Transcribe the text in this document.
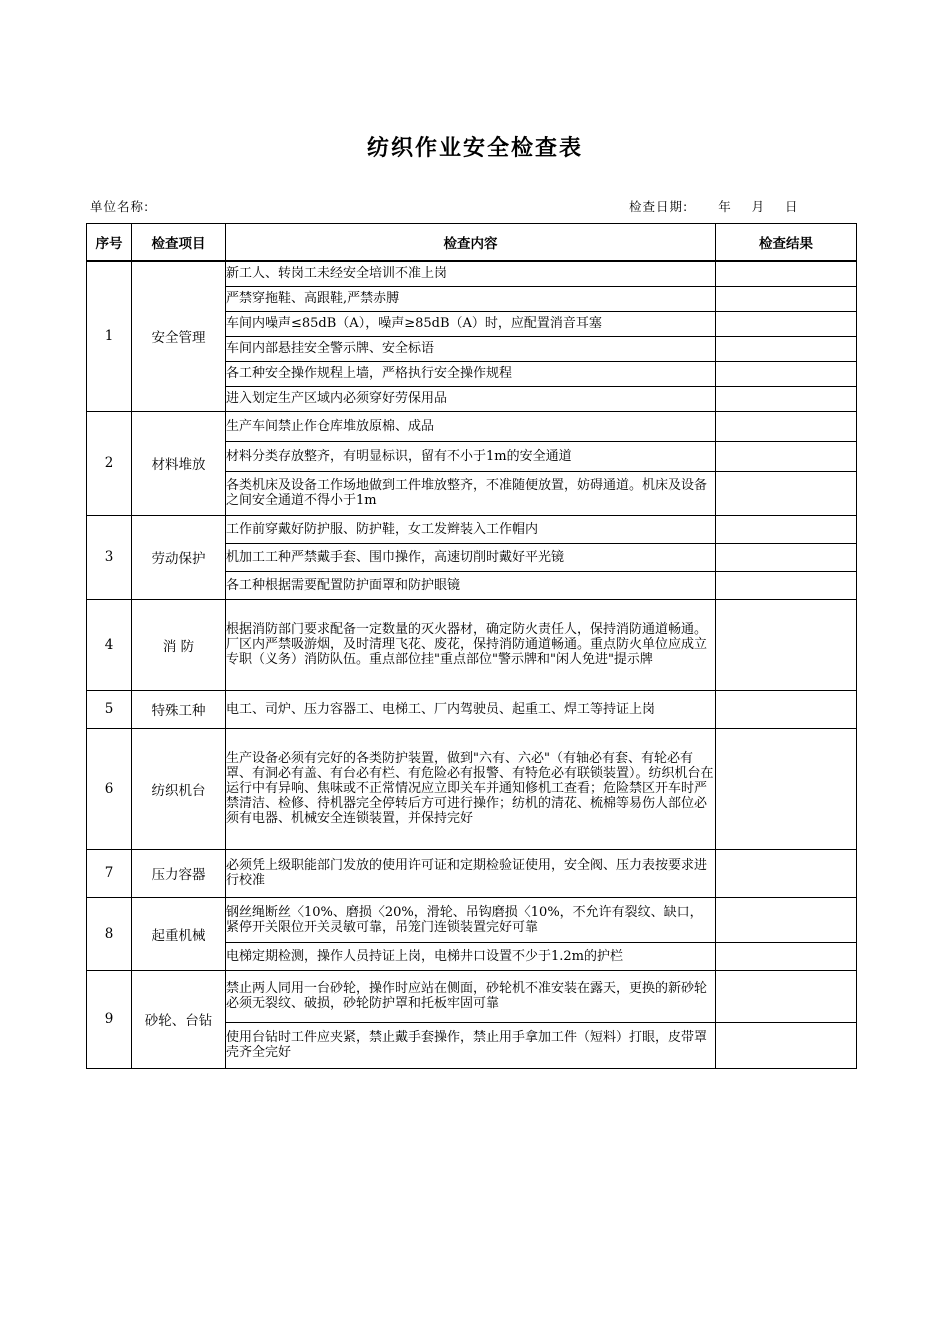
纺织作业安全检查表
单位名称:	检查日期: 年    月    日
序号	检查项目	检查内容	检查结果
1	安全管理	新工人、转岗工未经安全培训不准上岗	
		严禁穿拖鞋、高跟鞋,严禁赤膊	
		车间内噪声≤85dB（A），噪声≥85dB（A）时，应配置消音耳塞	
		车间内部悬挂安全警示牌、安全标语	
		各工种安全操作规程上墙，严格执行安全操作规程	
		进入划定生产区域内必须穿好劳保用品	
2	材料堆放	生产车间禁止作仓库堆放原棉、成品	
		材料分类存放整齐，有明显标识，留有不小于1m的安全通道	
		各类机床及设备工作场地做到工件堆放整齐，不准随便放置，妨碍通道。机床及设备之间安全通道不得小于1m	
3	劳动保护	工作前穿戴好防护服、防护鞋，女工发辫装入工作帽内	
		机加工工种严禁戴手套、围巾操作，高速切削时戴好平光镜	
		各工种根据需要配置防护面罩和防护眼镜	
4	消 防	根据消防部门要求配备一定数量的灭火器材，确定防火责任人，保持消防通道畅通。厂区内严禁吸游烟，及时清理飞花、废花，保持消防通道畅通。重点防火单位应成立专职（义务）消防队伍。重点部位挂"重点部位"警示牌和"闲人免进"提示牌	
5	特殊工种	电工、司炉、压力容器工、电梯工、厂内驾驶员、起重工、焊工等持证上岗	
6	纺织机台	生产设备必须有完好的各类防护装置，做到"六有、六必"（有轴必有套、有轮必有罩、有洞必有盖、有台必有栏、有危险必有报警、有特危必有联锁装置）。纺织机台在运行中有异响、焦味或不正常情况应立即关车并通知修机工查看；危险禁区开车时严禁清洁、检修、待机器完全停转后方可进行操作；纺机的清花、梳棉等易伤人部位必须有电器、机械安全连锁装置，并保持完好	
7	压力容器	必须凭上级职能部门发放的使用许可证和定期检验证使用，安全阀、压力表按要求进行校准	
8	起重机械	钢丝绳断丝〈10%、磨损〈20%，滑轮、吊钩磨损〈10%，不允许有裂纹、缺口，紧停开关限位开关灵敏可靠，吊笼门连锁装置完好可靠	
		电梯定期检测，操作人员持证上岗，电梯井口设置不少于1.2m的护栏	
9	砂轮、台钻	禁止两人同用一台砂轮，操作时应站在侧面，砂轮机不准安装在露天，更换的新砂轮必须无裂纹、破损，砂轮防护罩和托板牢固可靠	
		使用台钻时工件应夹紧，禁止戴手套操作，禁止用手拿加工件（短料）打眼，皮带罩壳齐全完好	
